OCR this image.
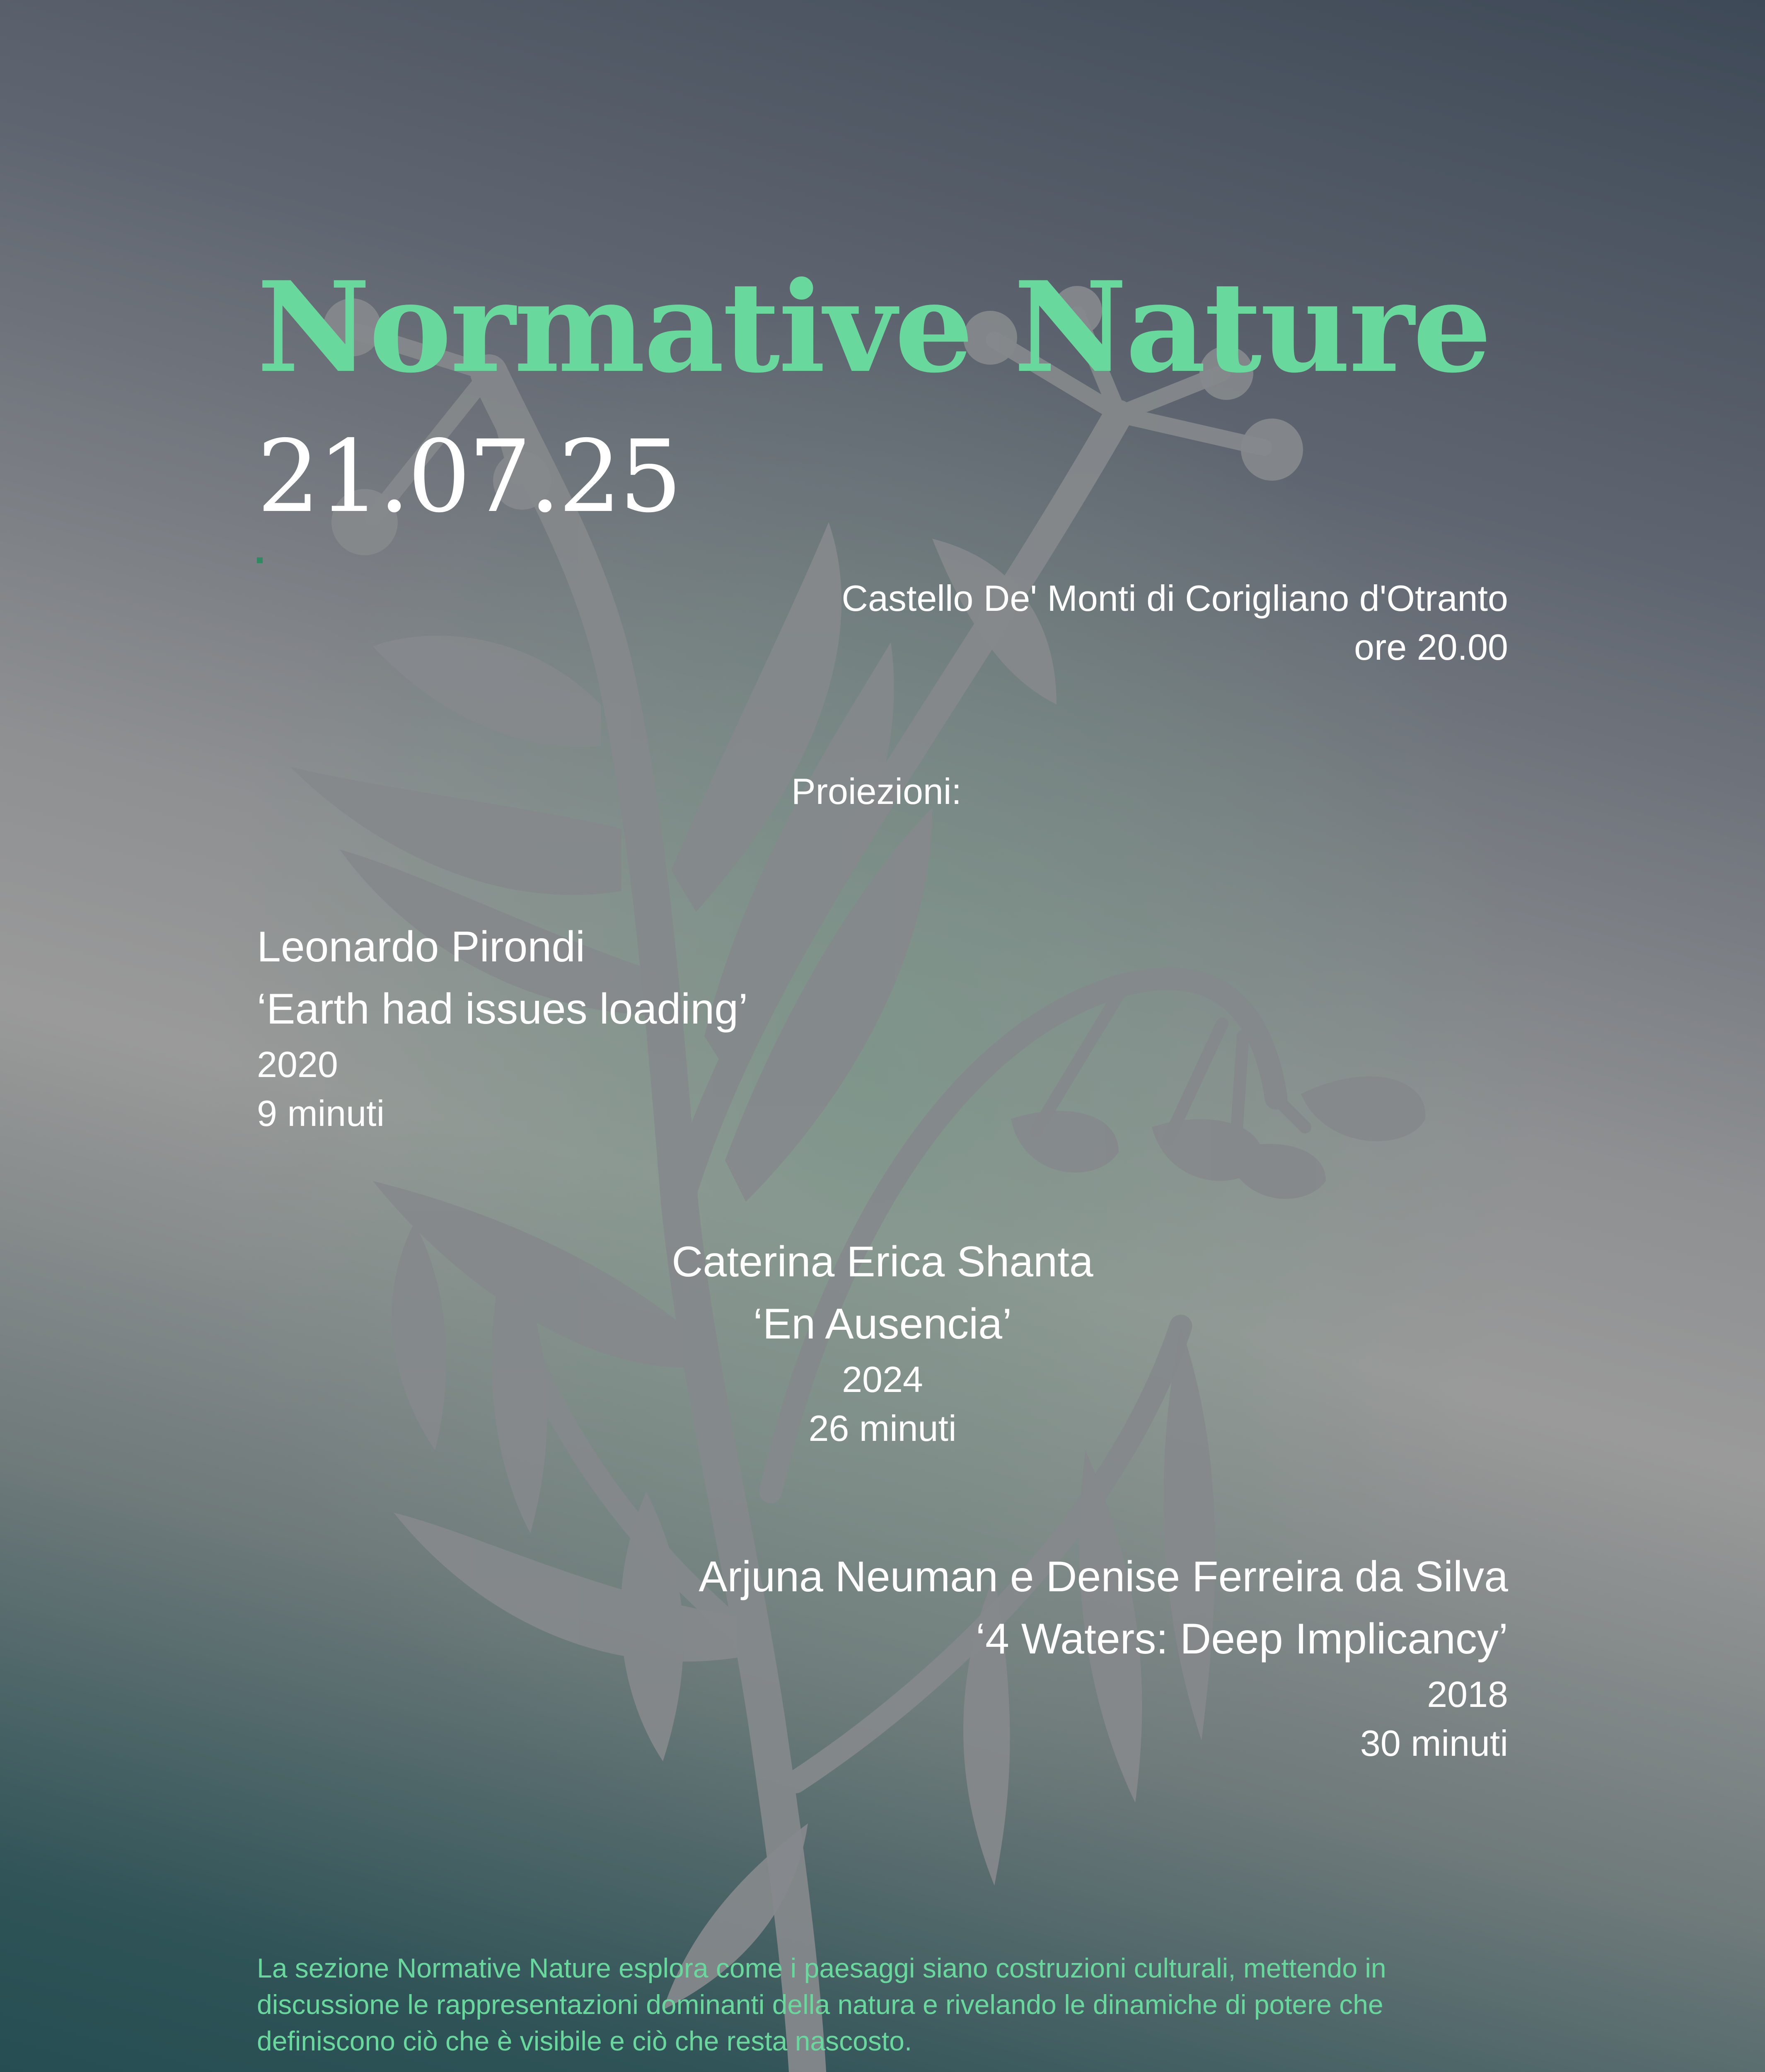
Normative Nature
21.07.25
Castello De' Monti di Corigliano d'Otranto
ore 20.00
Proiezioni:
Leonardo Pirondi
‘Earth had issues loading’
2020
9 minuti
Caterina Erica Shanta
‘En Ausencia’
2024
26 minuti
Arjuna Neuman e Denise Ferreira da Silva
‘4 Waters: Deep Implicancy’
2018
30 minuti

La sezione Normative Nature esplora come i paesaggi siano costruzioni culturali, mettendo in discussione le rappresentazioni dominanti della natura e rivelando le dinamiche di potere che definiscono ciò che è visibile e ciò che resta nascosto.
